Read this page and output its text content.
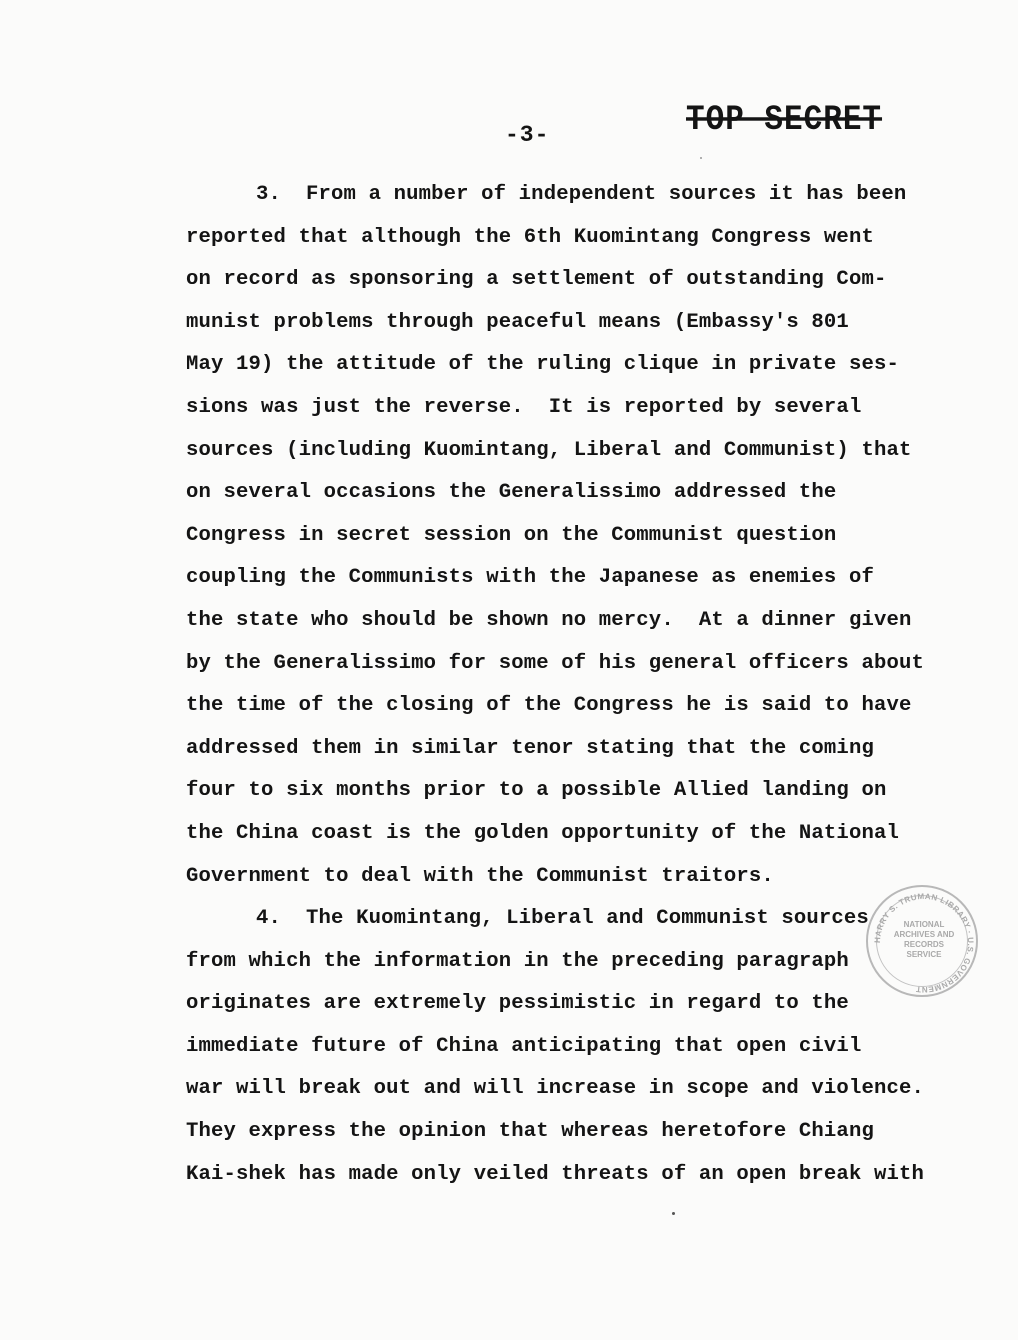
-3-	TOP SECRET
3.  From a number of independent sources it has been
reported that although the 6th Kuomintang Congress went
on record as sponsoring a settlement of outstanding Com-
munist problems through peaceful means (Embassy's 801
May 19) the attitude of the ruling clique in private ses-
sions was just the reverse.  It is reported by several
sources (including Kuomintang, Liberal and Communist) that
on several occasions the Generalissimo addressed the
Congress in secret session on the Communist question
coupling the Communists with the Japanese as enemies of
the state who should be shown no mercy.  At a dinner given
by the Generalissimo for some of his general officers about
the time of the closing of the Congress he is said to have
addressed them in similar tenor stating that the coming
four to six months prior to a possible Allied landing on
the China coast is the golden opportunity of the National
Government to deal with the Communist traitors.
4.  The Kuomintang, Liberal and Communist sources
from which the information in the preceding paragraph
originates are extremely pessimistic in regard to the
immediate future of China anticipating that open civil
war will break out and will increase in scope and violence.
They express the opinion that whereas heretofore Chiang
Kai-shek has made only veiled threats of an open break with
HARRY S. TRUMAN LIBRARY · U.S. GOVERNMENT
NATIONAL
ARCHIVES AND
RECORDS
SERVICE
